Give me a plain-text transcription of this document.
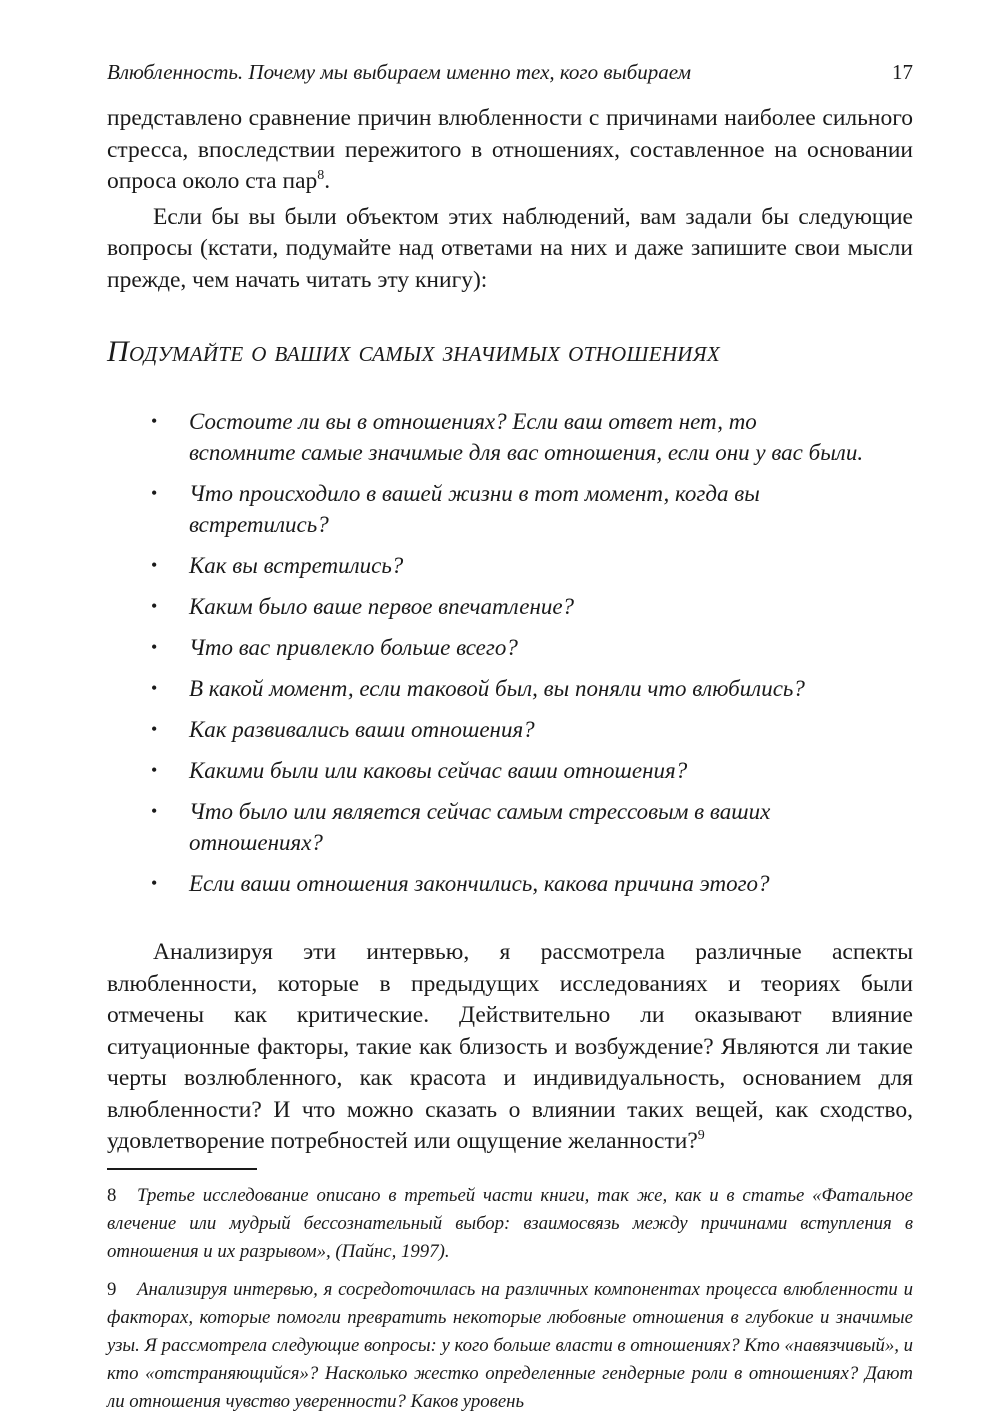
Влюбленность. Почему мы выбираем именно тех, кого выбираем	17

представлено сравнение причин влюбленности с причинами наиболее сильного стресса, впоследствии пережитого в отношениях, составленное на основании опроса около ста пар$^8$.

Если бы вы были объектом этих наблюдений, вам задали бы следующие вопросы (кстати, подумайте над ответами на них и даже запишите свои мысли прежде, чем начать читать эту книгу):

Подумайте о ваших самых значимых отношениях
• Состоите ли вы в отношениях? Если ваш ответ нет, то вспомните самые значимые для вас отношения, если они у вас были.
• Что происходило в вашей жизни в тот момент, когда вы встретились?
• Как вы встретились?
• Каким было ваше первое впечатление?
• Что вас привлекло больше всего?
• В какой момент, если таковой был, вы поняли что влюбились?
• Как развивались ваши отношения?
• Какими были или каковы сейчас ваши отношения?
• Что было или является сейчас самым стрессовым в ваших отношениях?
• Если ваши отношения закончились, какова причина этого?

Анализируя эти интервью, я рассмотрела различные аспекты влюбленности, которые в предыдущих исследованиях и теориях были отмечены как критические. Действительно ли оказывают влияние ситуационные факторы, такие как близость и возбуждение? Являются ли такие черты возлюбленного, как красота и индивидуальность, основанием для влюбленности? И что можно сказать о влиянии таких вещей, как сходство, удовлетворение потребностей или ощущение желанности?$^9$

8 Третье исследование описано в третьей части книги, так же, как и в статье «Фатальное влечение или мудрый бессознательный выбор: взаимосвязь между причинами вступления в отношения и их разрывом», (Пайнс, 1997).

9 Анализируя интервью, я сосредоточилась на различных компонентах процесса влюбленности и факторах, которые помогли превратить некоторые любовные отношения в глубокие и значимые узы. Я рассмотрела следующие вопросы: у кого больше власти в отношениях? Кто «навязчивый», и кто «отстраняющийся»? Насколько жестко определенные гендерные роли в отношениях? Дают ли отношения чувство уверенности? Каков уровень
